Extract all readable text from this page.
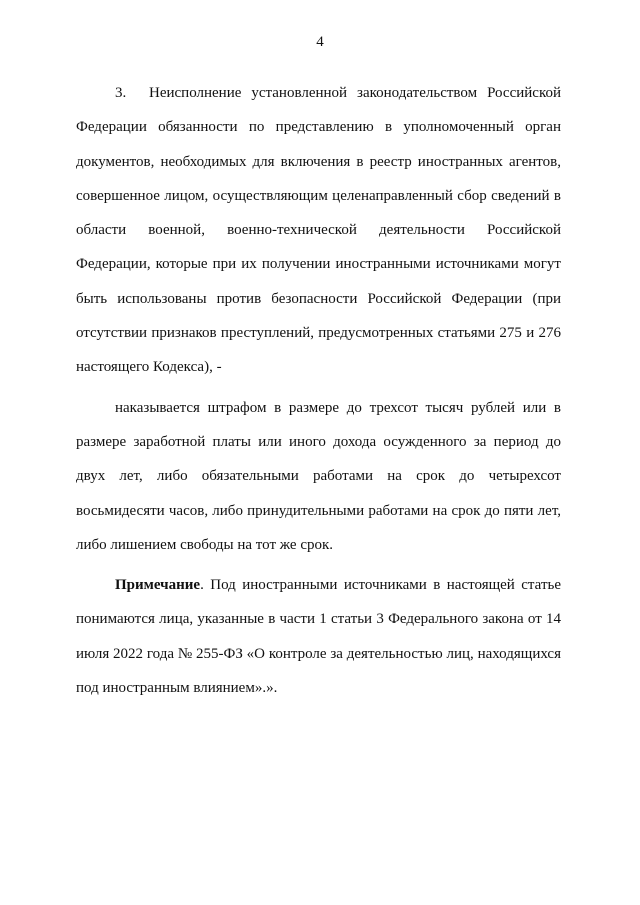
4

3. Неисполнение установленной законодательством Российской Федерации обязанности по представлению в уполномоченный орган документов, необходимых для включения в реестр иностранных агентов, совершенное лицом, осуществляющим целенаправленный сбор сведений в области военной, военно-технической деятельности Российской Федерации, которые при их получении иностранными источниками могут быть использованы против безопасности Российской Федерации (при отсутствии признаков преступлений, предусмотренных статьями 275 и 276 настоящего Кодекса), -

наказывается штрафом в размере до трехсот тысяч рублей или в размере заработной платы или иного дохода осужденного за период до двух лет, либо обязательными работами на срок до четырехсот восьмидесяти часов, либо принудительными работами на срок до пяти лет, либо лишением свободы на тот же срок.

Примечание. Под иностранными источниками в настоящей статье понимаются лица, указанные в части 1 статьи 3 Федерального закона от 14 июля 2022 года № 255-ФЗ «О контроле за деятельностью лиц, находящихся под иностранным влиянием».».
